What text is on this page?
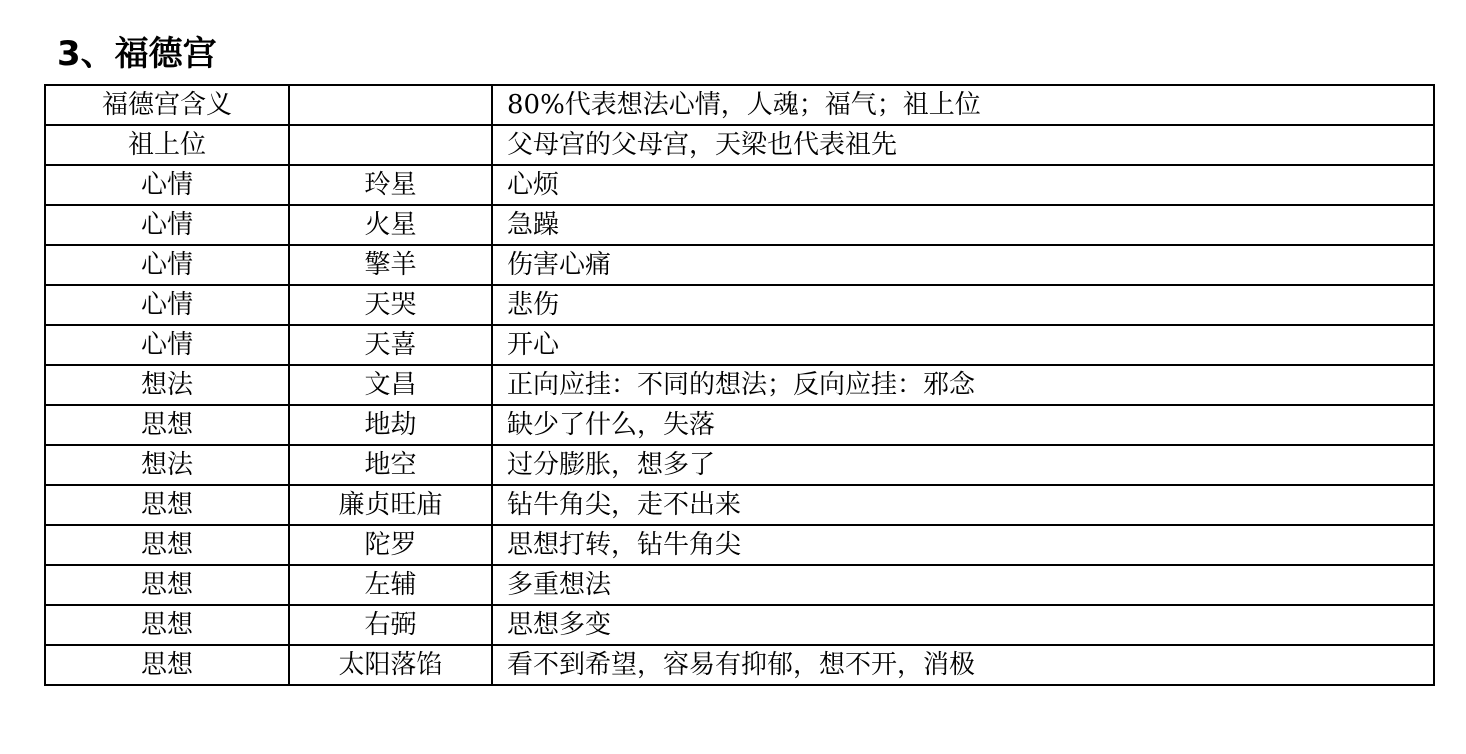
3、福德宫
福德宫含义		80%代表想法心情，人魂；福气；祖上位
祖上位		父母宫的父母宫，天梁也代表祖先
心情	玲星	心烦
心情	火星	急躁
心情	擎羊	伤害心痛
心情	天哭	悲伤
心情	天喜	开心
想法	文昌	正向应挂：不同的想法；反向应挂：邪念
思想	地劫	缺少了什么，失落
想法	地空	过分膨胀，想多了
思想	廉贞旺庙	钻牛角尖，走不出来
思想	陀罗	思想打转，钻牛角尖
思想	左辅	多重想法
思想	右弼	思想多变
思想	太阳落馅	看不到希望，容易有抑郁，想不开，消极
